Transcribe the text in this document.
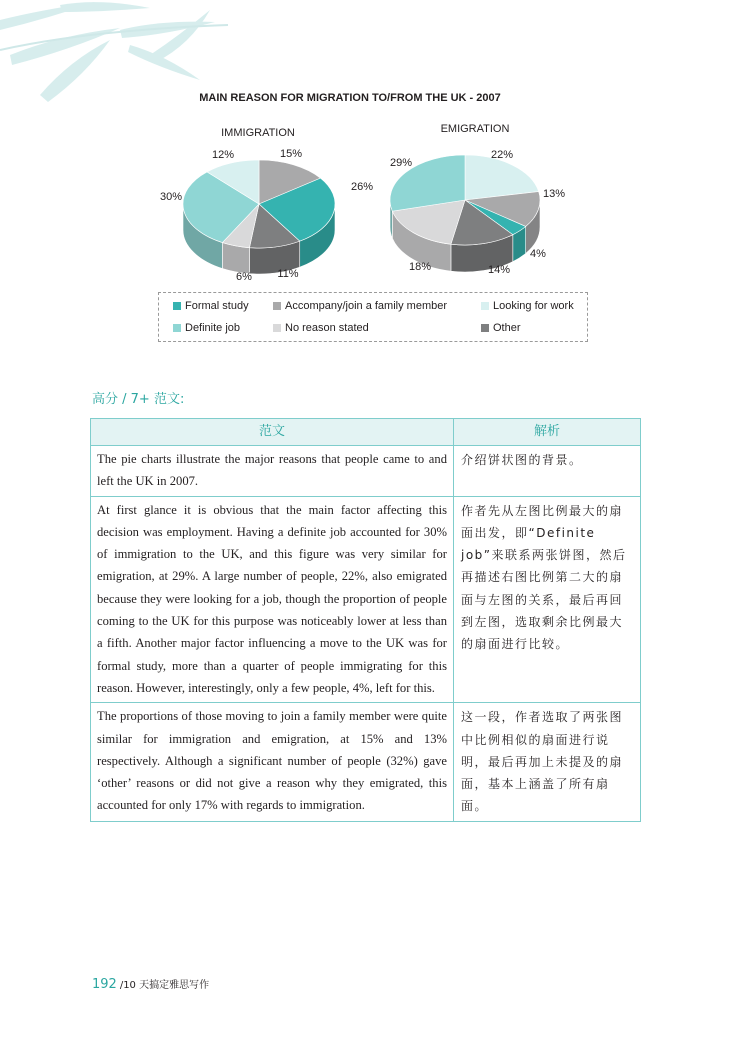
MAIN REASON FOR MIGRATION TO/FROM THE UK - 2007
IMMIGRATION
26%
15%
12%
30%
6% 11%
EMIGRATION
4%
13%
22%
29%
18%	14%
Formal study	Accompany/join a family member	Looking for work
Definite job	No reason stated	Other
高分 / 7+ 范文:
范文	解析
The pie charts illustrate the major reasons that people came to and left the UK in 2007.	介绍饼状图的背景。
At first glance it is obvious that the main factor affecting this decision was employment. Having a definite job accounted for 30% of immigration to the UK, and this figure was very similar for emigration, at 29%. A large number of people, 22%, also emigrated because they were looking for a job, though the proportion of people coming to the UK for this purpose was noticeably lower at less than a fifth. Another major factor influencing a move to the UK was for formal study, more than a quarter of people immigrating for this reason. However, interestingly, only a few people, 4%, left for this.	作者先从左图比例最大的扇面出发，即“Definite job”来联系两张饼图，然后再描述右图比例第二大的扇面与左图的关系，最后再回到左图，选取剩余比例最大的扇面进行比较。
The proportions of those moving to join a family member were quite similar for immigration and emigration, at 15% and 13% respectively. Although a significant number of people (32%) gave ‘other’ reasons or did not give a reason why they emigrated, this accounted for only 17% with regards to immigration.	这一段，作者选取了两张图中比例相似的扇面进行说明，最后再加上未提及的扇面，基本上涵盖了所有扇面。
192 /10 天搞定雅思写作
